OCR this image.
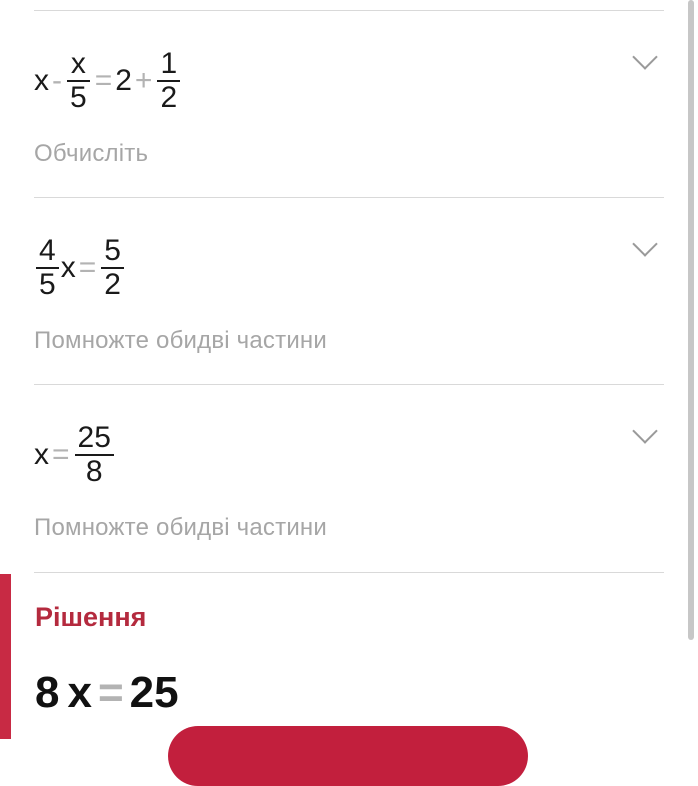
$x - \frac{x}{5} = 2 + \frac{1}{2}$
Обчисліть
$\frac{4}{5}$ $x = \frac{5}{2}$
Помножте обидві частини
$x = \frac{25}{8}$
Помножте обидві частини
Рішення
8 x = 25
